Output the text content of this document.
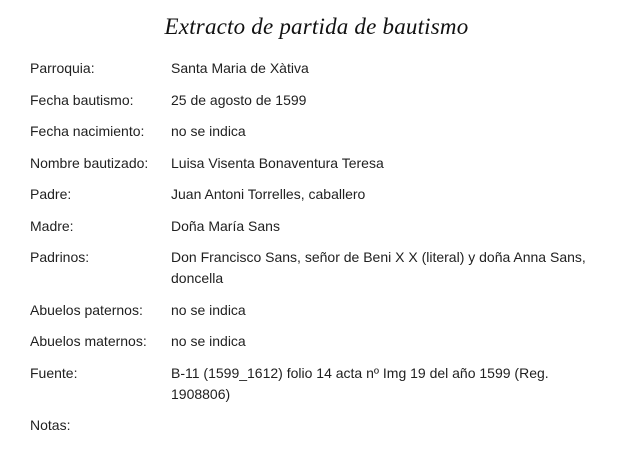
Extracto de partida de bautismo
Parroquia:	Santa Maria de Xàtiva
Fecha bautismo:	25 de agosto de 1599
Fecha nacimiento:	no se indica
Nombre bautizado:	Luisa Visenta Bonaventura Teresa
Padre:	Juan Antoni Torrelles, caballero
Madre:	Doña María Sans
Padrinos:	Don Francisco Sans, señor de Beni X X (literal) y doña Anna Sans, doncella
Abuelos paternos:	no se indica
Abuelos maternos:	no se indica
Fuente:	B-11 (1599_1612) folio 14 acta nº Img 19 del año 1599 (Reg. 1908806)
Notas:
